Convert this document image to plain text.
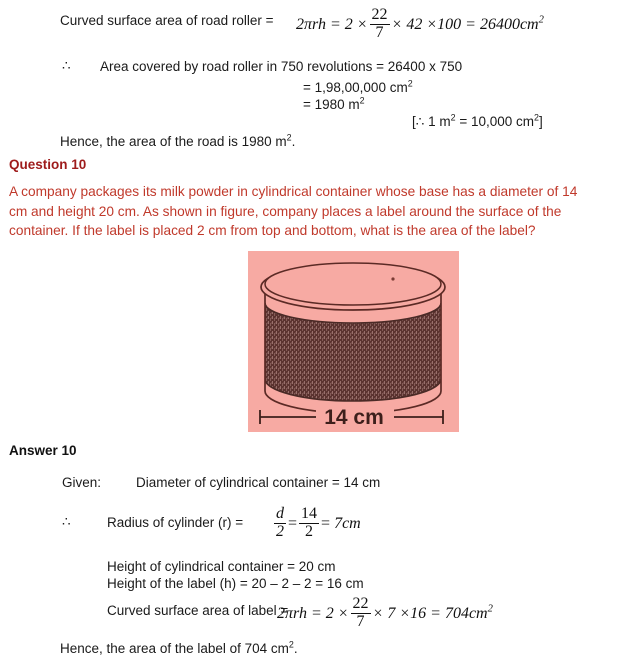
Curved surface area of road roller = $2\pi rh = 2 \times \frac{22}{7} \times 42 \times 100 = 26400cm^2$
∴ Area covered by road roller in 750 revolutions = 26400 x 750
= 1,98,00,000 $cm^2$
= 1980 $m^2$
[∴ 1 $m^2 = 10,000$ $cm^2$]
Hence, the area of the road is 1980 $m^2$.
Question 10
A company packages its milk powder in cylindrical container whose base has a diameter of 14
cm and height 20 cm. As shown in figure, company places a label around the surface of the
container. If the label is placed 2 cm from top and bottom, what is the area of the label?
14 cm
Answer 10
Given:	Diameter of cylindrical container = 14 cm
∴	Radius of cylinder $(r) = \frac{d}{2} = \frac{14}{2} = 7cm$
Height of cylindrical container = 20 cm
Height of the label (h) = 20 – 2 – 2 = 16 cm
Curved surface area of label =
$2\pi rh = 2 \times \frac{22}{7} \times 7 \times 16 = 704cm^2$
Hence, the area of the label of 704 $cm^2$.
